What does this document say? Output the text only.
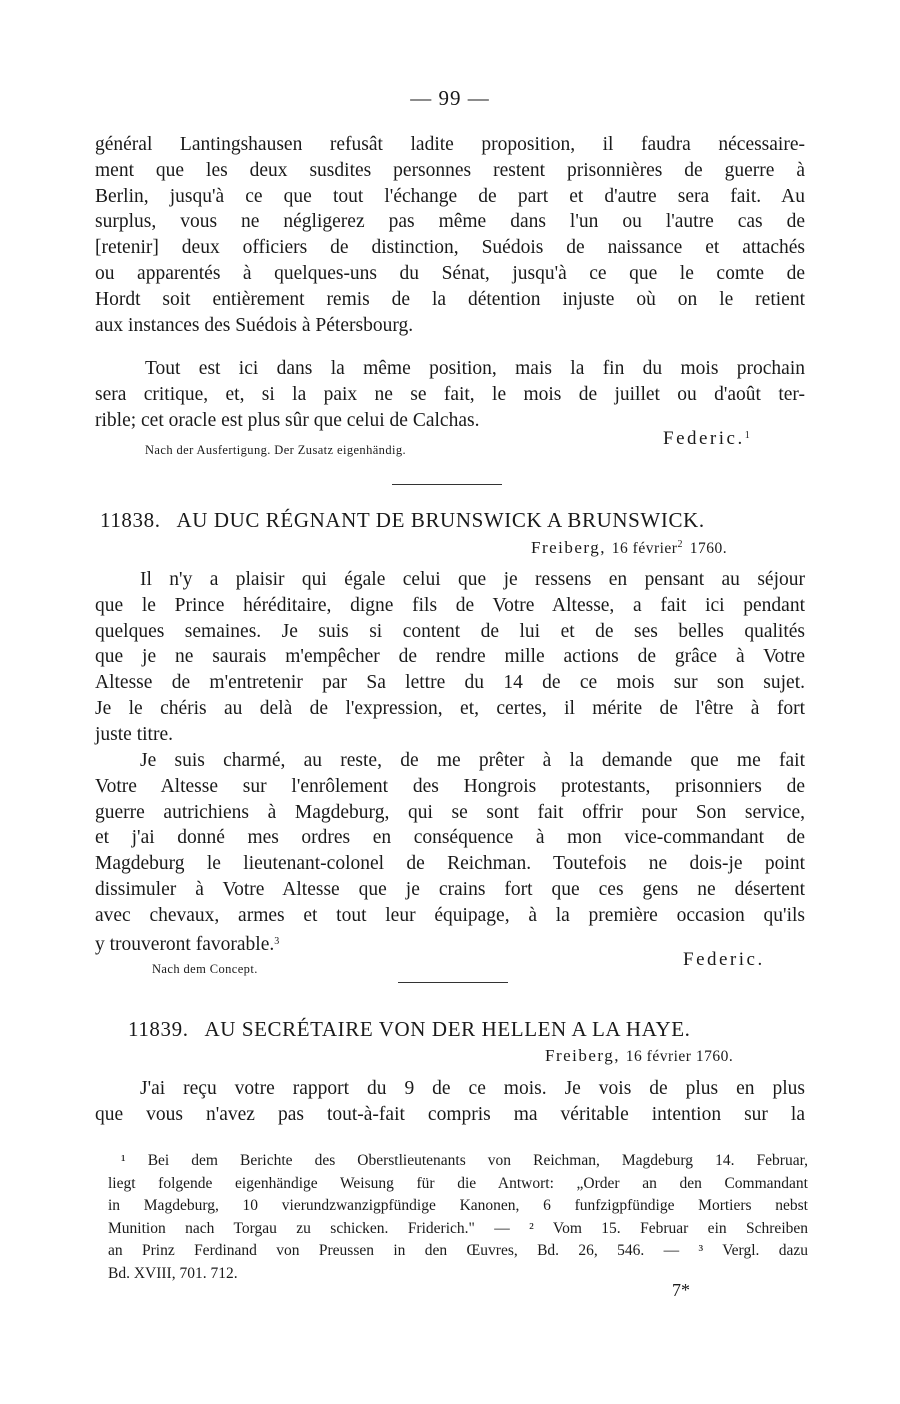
— 99 —
général Lantingshausen refusât ladite proposition, il faudra nécessaire-
ment que les deux susdites personnes restent prisonnières de guerre à
Berlin, jusqu'à ce que tout l'échange de part et d'autre sera fait. Au
surplus, vous ne négligerez pas même dans l'un ou l'autre cas de
[retenir] deux officiers de distinction, Suédois de naissance et attachés
ou apparentés à quelques-uns du Sénat, jusqu'à ce que le comte de
Hordt soit entièrement remis de la détention injuste où on le retient
aux instances des Suédois à Pétersbourg.
Tout est ici dans la même position, mais la fin du mois prochain
sera critique, et, si la paix ne se fait, le mois de juillet ou d'août ter-
rible; cet oracle est plus sûr que celui de Calchas.
Nach der Ausfertigung. Der Zusatz eigenhändig.
Federic.$^1$
11838. AU DUC RÉGNANT DE BRUNSWICK A BRUNSWICK.
Freiberg, 16 février$^2$ 1760.
Il n'y a plaisir qui égale celui que je ressens en pensant au séjour
que le Prince héréditaire, digne fils de Votre Altesse, a fait ici pendant
quelques semaines. Je suis si content de lui et de ses belles qualités
que je ne saurais m'empêcher de rendre mille actions de grâce à Votre
Altesse de m'entretenir par Sa lettre du 14 de ce mois sur son sujet.
Je le chéris au delà de l'expression, et, certes, il mérite de l'être à fort
juste titre.
Je suis charmé, au reste, de me prêter à la demande que me fait
Votre Altesse sur l'enrôlement des Hongrois protestants, prisonniers de
guerre autrichiens à Magdeburg, qui se sont fait offrir pour Son service,
et j'ai donné mes ordres en conséquence à mon vice-commandant de
Magdeburg le lieutenant-colonel de Reichman. Toutefois ne dois-je point
dissimuler à Votre Altesse que je crains fort que ces gens ne désertent
avec chevaux, armes et tout leur équipage, à la première occasion qu'ils
y trouveront favorable.$^3$
Nach dem Concept.	Federic.
11839. AU SECRÉTAIRE VON DER HELLEN A LA HAYE.
Freiberg, 16 février 1760.
J'ai reçu votre rapport du 9 de ce mois. Je vois de plus en plus
que vous n'avez pas tout-à-fait compris ma véritable intention sur la
¹ Bei dem Berichte des Oberstlieutenants von Reichman, Magdeburg 14. Februar,
liegt folgende eigenhändige Weisung für die Antwort: „Order an den Commandant
in Magdeburg, 10 vierundzwanzigpfündige Kanonen, 6 funfzigpfündige Mortiers nebst
Munition nach Torgau zu schicken. Friderich." — ² Vom 15. Februar ein Schreiben
an Prinz Ferdinand von Preussen in den Œuvres, Bd. 26, 546. — ³ Vergl. dazu
Bd. XVIII, 701. 712.
7*
